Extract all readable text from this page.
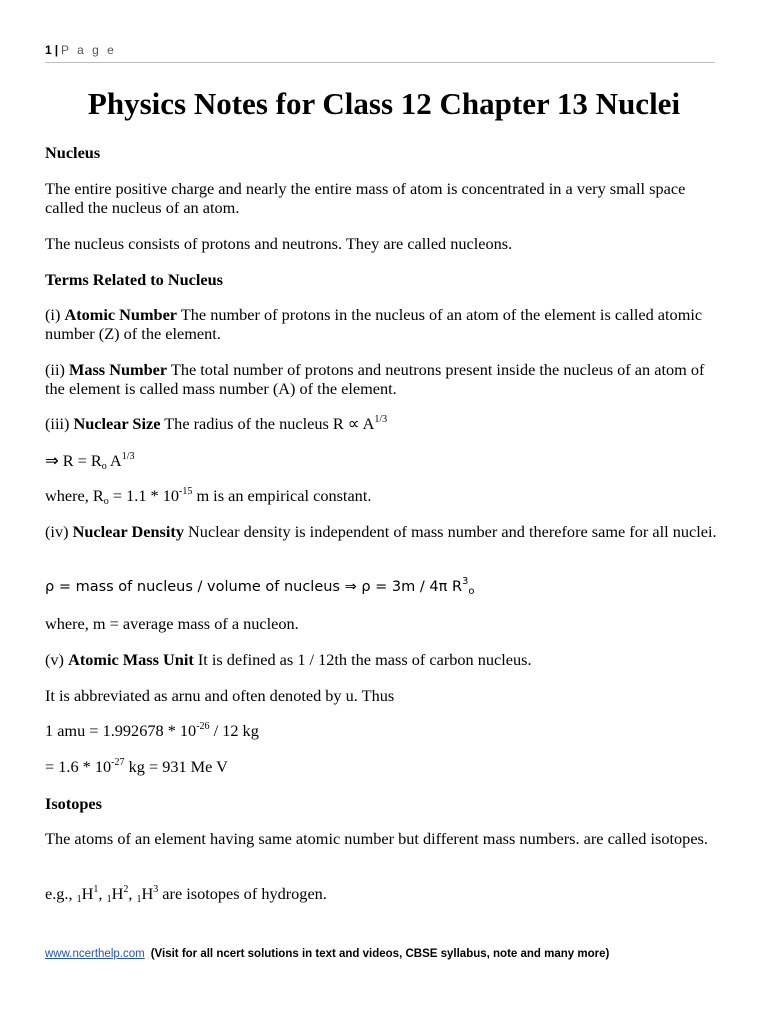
1 | P a g e
Physics Notes for Class 12 Chapter 13 Nuclei

Nucleus

The entire positive charge and nearly the entire mass of atom is concentrated in a very small space called the nucleus of an atom.

The nucleus consists of protons and neutrons. They are called nucleons.

Terms Related to Nucleus

(i) Atomic Number The number of protons in the nucleus of an atom of the element is called atomic number (Z) of the element.

(ii) Mass Number The total number of protons and neutrons present inside the nucleus of an atom of the element is called mass number (A) of the element.

(iii) Nuclear Size The radius of the nucleus $R \propto A^{1/3}$

⇒ $R = R_o$ $A^{1/3}$

where, $R_o = 1.1 * 10^{-15}$ m is an empirical constant.

(iv) Nuclear Density Nuclear density is independent of mass number and therefore same for all nuclei.

ρ = mass of nucleus / volume of nucleus ⇒ ρ = 3m / 4π $R^3_o$

where, m = average mass of a nucleon.

(v) Atomic Mass Unit It is defined as 1 / 12th the mass of carbon nucleus.

It is abbreviated as arnu and often denoted by u. Thus

1 amu = $1.992678 * 10^{-26} / 12$ kg

= $1.6 * 10^{-27}$ kg = 931 Me V

Isotopes

The atoms of an element having same atomic number but different mass numbers. are called isotopes.

e.g., $_1H^1$, $_1H^2$, $_1H^3$ are isotopes of hydrogen.

www.ncerthelp.com (Visit for all ncert solutions in text and videos, CBSE syllabus, note and many more)
